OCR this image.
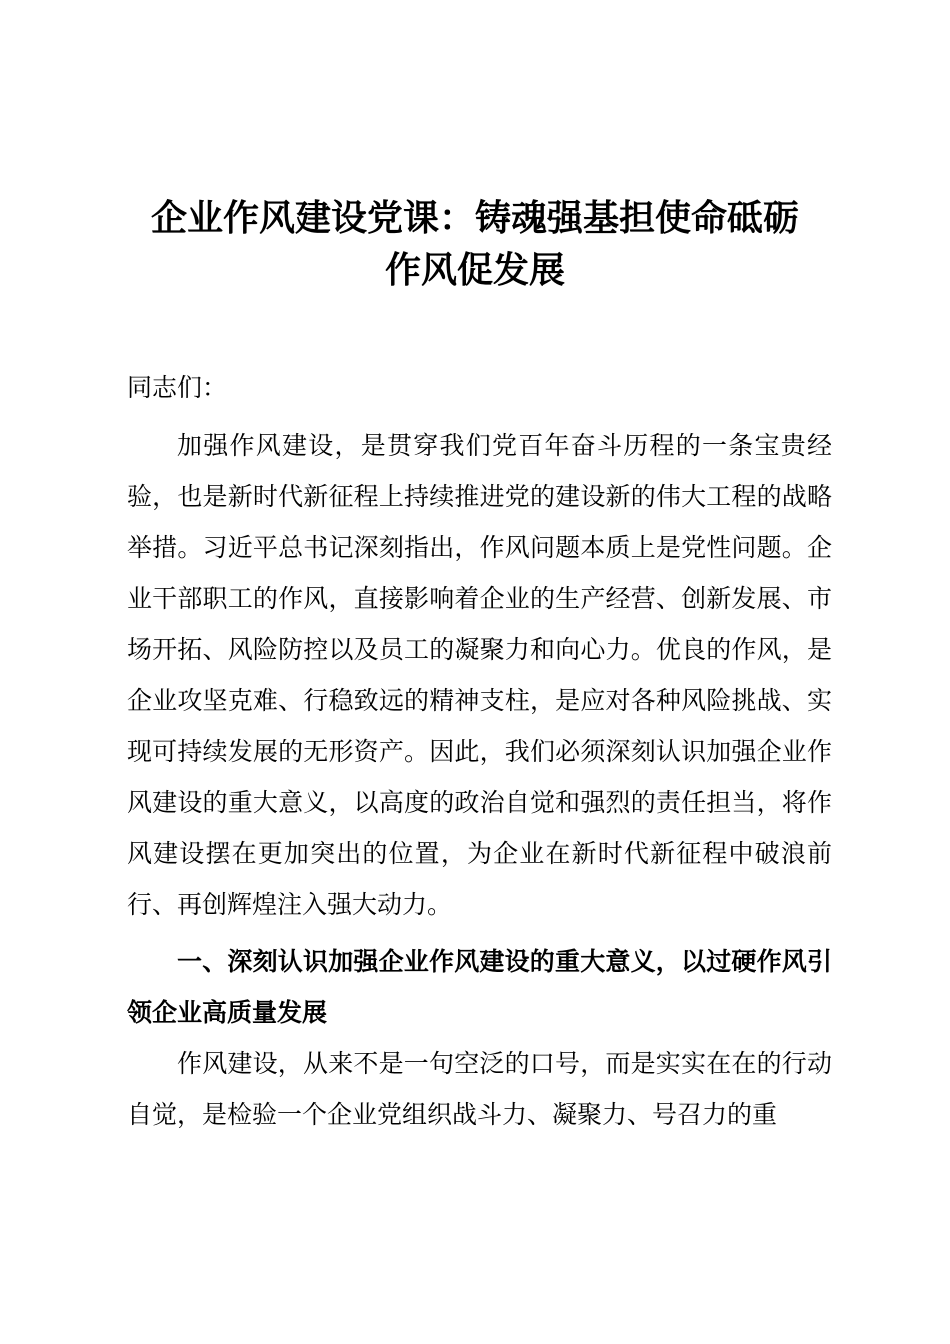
企业作风建设党课：铸魂强基担使命砥砺
作风促发展
同志们：

加强作风建设，是贯穿我们党百年奋斗历程的一条宝贵经验，也是新时代新征程上持续推进党的建设新的伟大工程的战略举措。习近平总书记深刻指出，作风问题本质上是党性问题。企业干部职工的作风，直接影响着企业的生产经营、创新发展、市场开拓、风险防控以及员工的凝聚力和向心力。优良的作风，是企业攻坚克难、行稳致远的精神支柱，是应对各种风险挑战、实现可持续发展的无形资产。因此，我们必须深刻认识加强企业作风建设的重大意义，以高度的政治自觉和强烈的责任担当，将作风建设摆在更加突出的位置，为企业在新时代新征程中破浪前行、再创辉煌注入强大动力。

一、深刻认识加强企业作风建设的重大意义，以过硬作风引领企业高质量发展

作风建设，从来不是一句空泛的口号，而是实实在在的行动自觉，是检验一个企业党组织战斗力、凝聚力、号召力的重
